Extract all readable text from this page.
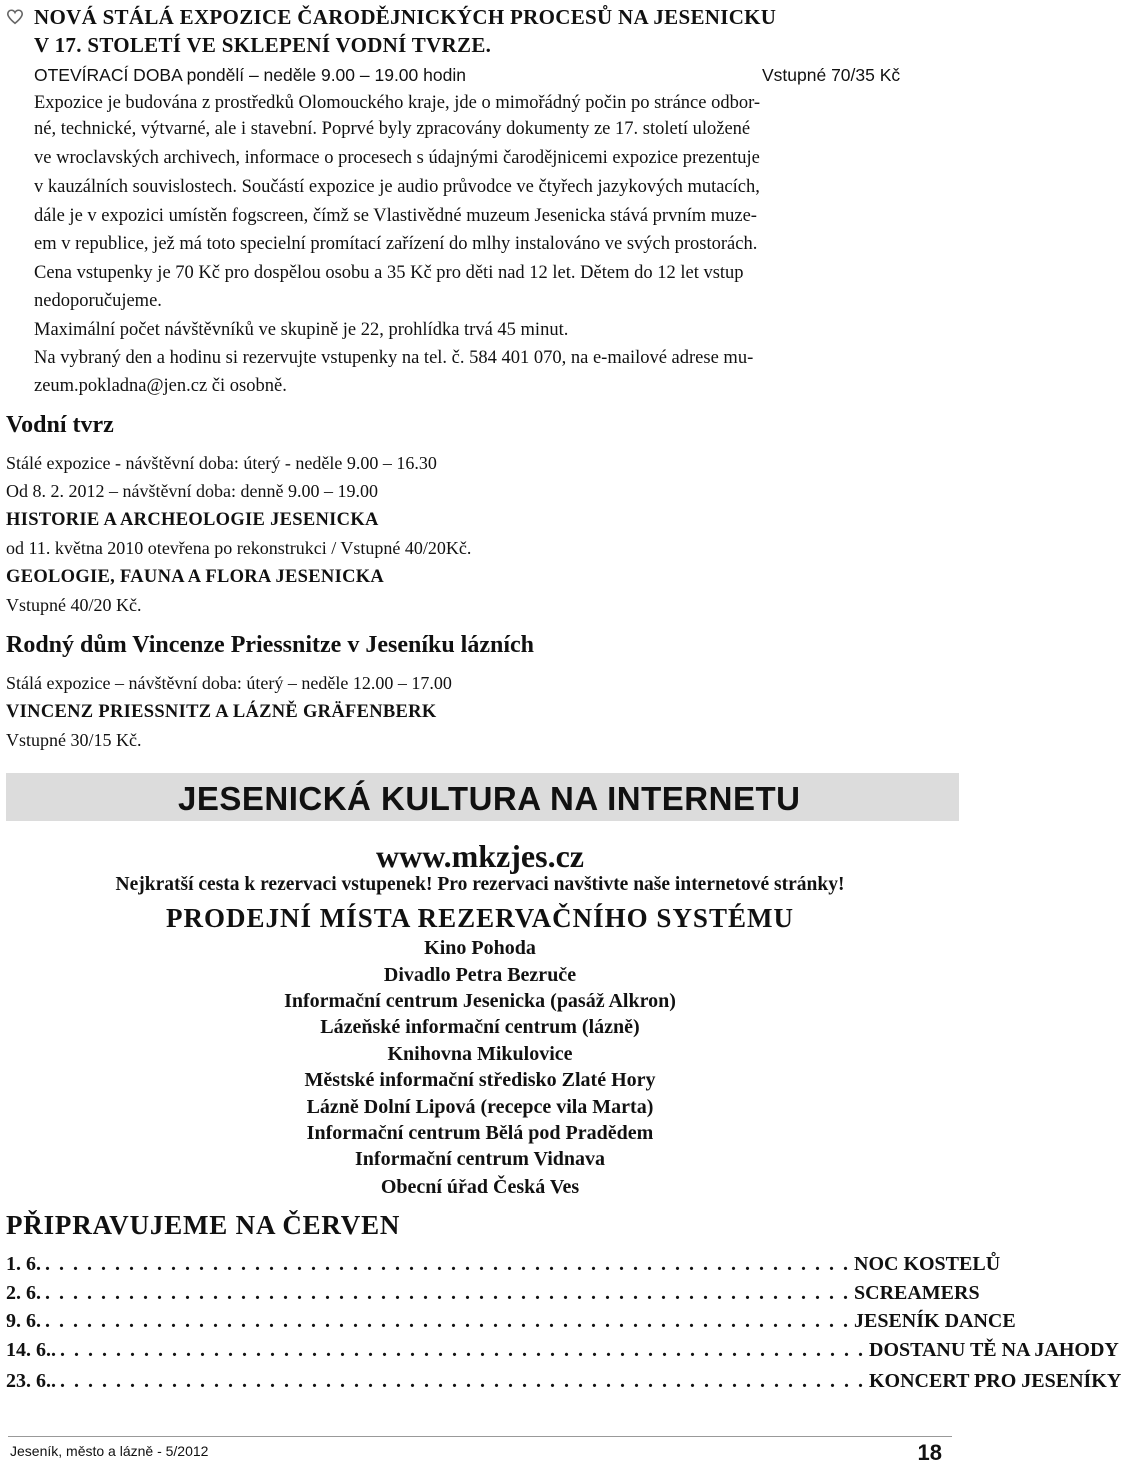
NOVÁ STÁLÁ EXPOZICE ČARODĚJNICKÝCH PROCESŮ NA JESENICKU
V 17. STOLETÍ VE SKLEPENÍ VODNÍ TVRZE.
OTEVÍRACÍ DOBA pondělí – neděle 9.00 – 19.00 hodin	Vstupné 70/35 Kč
Expozice je budována z prostředků Olomouckého kraje, jde o mimořádný počin po stránce odbor-
né, technické, výtvarné, ale i stavební. Poprvé byly zpracovány dokumenty ze 17. století uložené
ve wroclavských archivech, informace o procesech s údajnými čarodějnicemi expozice prezentuje
v kauzálních souvislostech. Součástí expozice je audio průvodce ve čtyřech jazykových mutacích,
dále je v expozici umístěn fogscreen, čímž se Vlastivědné muzeum Jesenicka stává prvním muze-
em v republice, jež má toto specielní promítací zařízení do mlhy instalováno ve svých prostorách.
Cena vstupenky je 70 Kč pro dospělou osobu a 35 Kč pro děti nad 12 let. Dětem do 12 let vstup
nedoporučujeme.
Maximální počet návštěvníků ve skupině je 22, prohlídka trvá 45 minut.
Na vybraný den a hodinu si rezervujte vstupenky na tel. č. 584 401 070, na e-mailové adrese mu-
zeum.pokladna@jen.cz či osobně.
Vodní tvrz
Stálé expozice - návštěvní doba: úterý - neděle 9.00 – 16.30
Od 8. 2. 2012 – návštěvní doba: denně 9.00 – 19.00
HISTORIE A ARCHEOLOGIE JESENICKA
od 11. května 2010 otevřena po rekonstrukci / Vstupné 40/20Kč.
GEOLOGIE, FAUNA A FLORA JESENICKA
Vstupné 40/20 Kč.
Rodný dům Vincenze Priessnitze v Jeseníku lázních
Stálá expozice – návštěvní doba: úterý – neděle 12.00 – 17.00
VINCENZ PRIESSNITZ A LÁZNĚ GRÄFENBERK
Vstupné 30/15 Kč.
JESENICKÁ KULTURA NA INTERNETU
www.mkzjes.cz
Nejkratší cesta k rezervaci vstupenek! Pro rezervaci navštivte naše internetové stránky!
PRODEJNÍ MÍSTA REZERVAČNÍHO SYSTÉMU
Kino Pohoda
Divadlo Petra Bezruče
Informační centrum Jesenicka (pasáž Alkron)
Lázeňské informační centrum (lázně)
Knihovna Mikulovice
Městské informační středisko Zlaté Hory
Lázně Dolní Lipová (recepce vila Marta)
Informační centrum Bělá pod Pradědem
Informační centrum Vidnava
Obecní úřad Česká Ves
PŘIPRAVUJEME NA ČERVEN
1. 6. . . . . . . . . . . . . . . . . . . . . . . . . . . . . . . . . . . . . . . . . . . . . . . . . . . . . . . . . . . NOC KOSTELŮ
2. 6. . . . . . . . . . . . . . . . . . . . . . . . . . . . . . . . . . . . . . . . . . . . . . . . . . . . . . . . . . . SCREAMERS
9. 6. . . . . . . . . . . . . . . . . . . . . . . . . . . . . . . . . . . . . . . . . . . . . . . . . . . . . . . . . . . JESENÍK DANCE
14. 6.. . . . . . . . . . . . . . . . . . . . . . . . . . . . . . . . . . . . . . . . . . . . . . . . . . . . . . . . . . . DOSTANU TĚ NA JAHODY
23. 6.. . . . . . . . . . . . . . . . . . . . . . . . . . . . . . . . . . . . . . . . . . . . . . . . . . . . . . . . . . . KONCERT PRO JESENÍKY
Jeseník, město a lázně - 5/2012	18
